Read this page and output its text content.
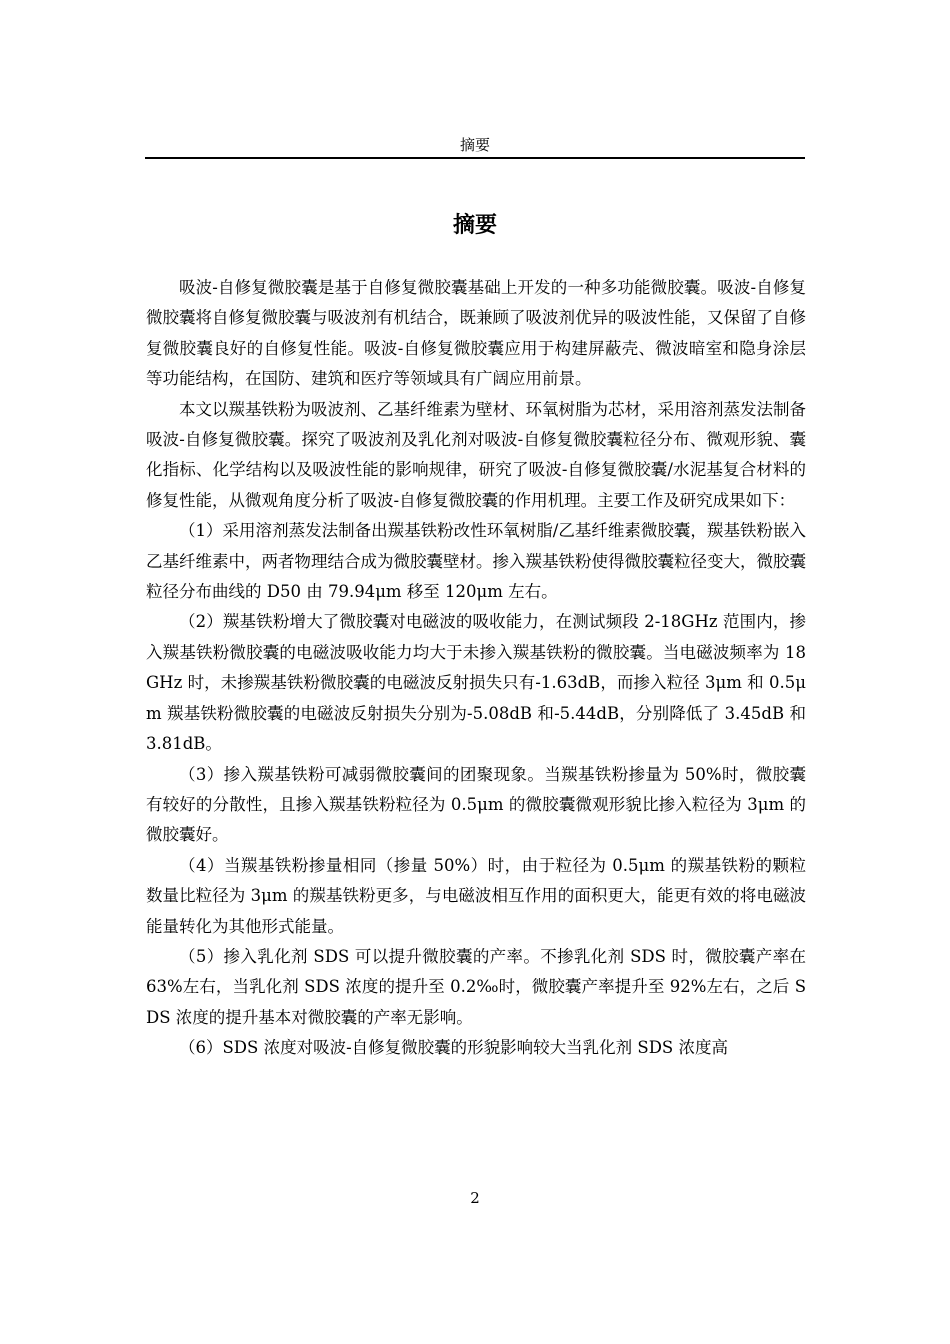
摘要
摘要

吸波-自修复微胶囊是基于自修复微胶囊基础上开发的一种多功能微胶囊。吸波-自修复微胶囊将自修复微胶囊与吸波剂有机结合，既兼顾了吸波剂优异的吸波性能，又保留了自修复微胶囊良好的自修复性能。吸波-自修复微胶囊应用于构建屏蔽壳、微波暗室和隐身涂层等功能结构，在国防、建筑和医疗等领域具有广阔应用前景。

本文以羰基铁粉为吸波剂、乙基纤维素为壁材、环氧树脂为芯材，采用溶剂蒸发法制备吸波-自修复微胶囊。探究了吸波剂及乳化剂对吸波-自修复微胶囊粒径分布、微观形貌、囊化指标、化学结构以及吸波性能的影响规律，研究了吸波-自修复微胶囊/水泥基复合材料的修复性能，从微观角度分析了吸波-自修复微胶囊的作用机理。主要工作及研究成果如下：

（1）采用溶剂蒸发法制备出羰基铁粉改性环氧树脂/乙基纤维素微胶囊，羰基铁粉嵌入乙基纤维素中，两者物理结合成为微胶囊壁材。掺入羰基铁粉使得微胶囊粒径变大，微胶囊粒径分布曲线的 D50 由 79.94μm 移至 120μm 左右。

（2）羰基铁粉增大了微胶囊对电磁波的吸收能力，在测试频段 2-18GHz 范围内，掺入羰基铁粉微胶囊的电磁波吸收能力均大于未掺入羰基铁粉的微胶囊。当电磁波频率为 18GHz 时，未掺羰基铁粉微胶囊的电磁波反射损失只有-1.63dB，而掺入粒径 3μm 和 0.5μm 羰基铁粉微胶囊的电磁波反射损失分别为-5.08dB 和-5.44dB，分别降低了 3.45dB 和 3.81dB。

（3）掺入羰基铁粉可减弱微胶囊间的团聚现象。当羰基铁粉掺量为 50%时，微胶囊有较好的分散性，且掺入羰基铁粉粒径为 0.5μm 的微胶囊微观形貌比掺入粒径为 3μm 的微胶囊好。

（4）当羰基铁粉掺量相同（掺量 50%）时，由于粒径为 0.5μm 的羰基铁粉的颗粒数量比粒径为 3μm 的羰基铁粉更多，与电磁波相互作用的面积更大，能更有效的将电磁波能量转化为其他形式能量。

（5）掺入乳化剂 SDS 可以提升微胶囊的产率。不掺乳化剂 SDS 时，微胶囊产率在 63%左右，当乳化剂 SDS 浓度的提升至 0.2‰时，微胶囊产率提升至 92%左右，之后 SDS 浓度的提升基本对微胶囊的产率无影响。

（6）SDS 浓度对吸波-自修复微胶囊的形貌影响较大当乳化剂 SDS 浓度高

2
